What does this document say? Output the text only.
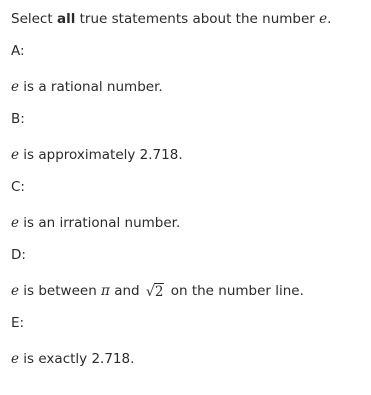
Select all true statements about the number e.
A:
e is a rational number.
B:
e is approximately 2.718.
C:
e is an irrational number.
D:
e is between π and √ 2 on the number line.
E:
e is exactly 2.718.
